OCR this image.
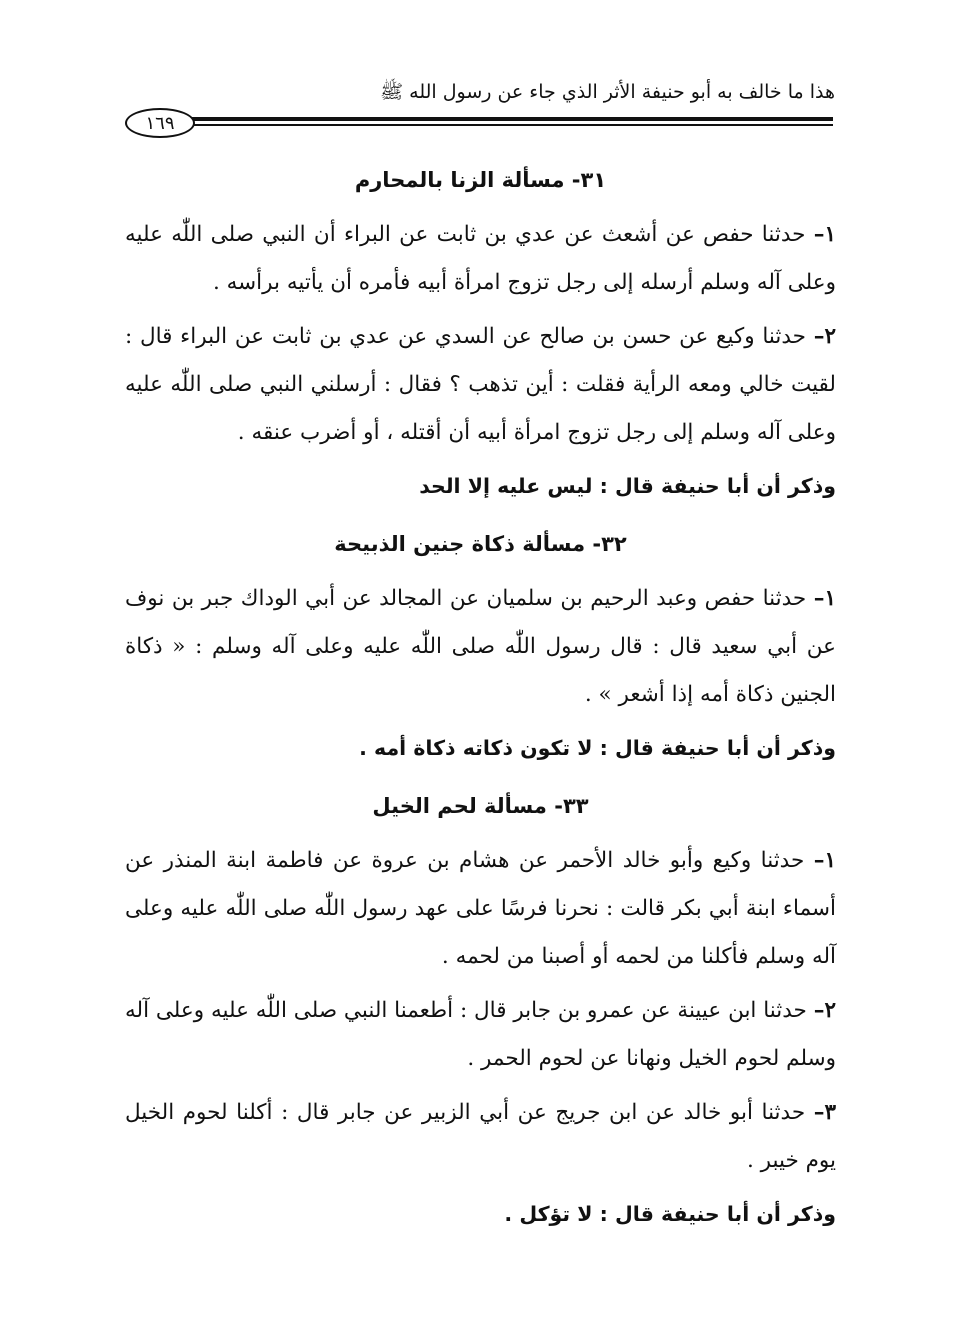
هذا ما خالف به أبو حنيفة الأثر الذي جاء عن رسول الله ﷺ
١٦٩
٣١- مسألة الزنا بالمحارم

١– حدثنا حفص عن أشعث عن عدي بن ثابت عن البراء أن النبي صلى اللّٰه عليه وعلى آله وسلم أرسله إلى رجل تزوج امرأة أبيه فأمره أن يأتيه برأسه .

٢– حدثنا وكيع عن حسن بن صالح عن السدي عن عدي بن ثابت عن البراء قال : لقيت خالي ومعه الرأية فقلت : أين تذهب ؟ فقال : أرسلني النبي صلى اللّٰه عليه وعلى آله وسلم إلى رجل تزوج امرأة أبيه أن أقتله ، أو أضرب عنقه .

وذكر أن أبا حنيفة قال : ليس عليه إلا الحد
٣٢- مسألة ذكاة جنين الذبيحة

١– حدثنا حفص وعبد الرحيم بن سلميان عن المجالد عن أبي الوداك جبر بن نوف عن أبي سعيد قال : قال رسول اللّٰه صلى اللّٰه عليه وعلى آله وسلم : « ذكاة الجنين ذكاة أمه إذا أشعر » .

وذكر أن أبا حنيفة قال : لا تكون ذكاته ذكاة أمه .
٣٣- مسألة لحم الخيل

١– حدثنا وكيع وأبو خالد الأحمر عن هشام بن عروة عن فاطمة ابنة المنذر عن أسماء ابنة أبي بكر قالت : نحرنا فرسًا على عهد رسول اللّٰه صلى اللّٰه عليه وعلى آله وسلم فأكلنا من لحمه أو أصبنا من لحمه .

٢– حدثنا ابن عيينة عن عمرو بن جابر قال : أطعمنا النبي صلى اللّٰه عليه وعلى آله وسلم لحوم الخيل ونهانا عن لحوم الحمر .

٣– حدثنا أبو خالد عن ابن جريج عن أبي الزبير عن جابر قال : أكلنا لحوم الخيل يوم خيبر .

وذكر أن أبا حنيفة قال : لا تؤكل .
